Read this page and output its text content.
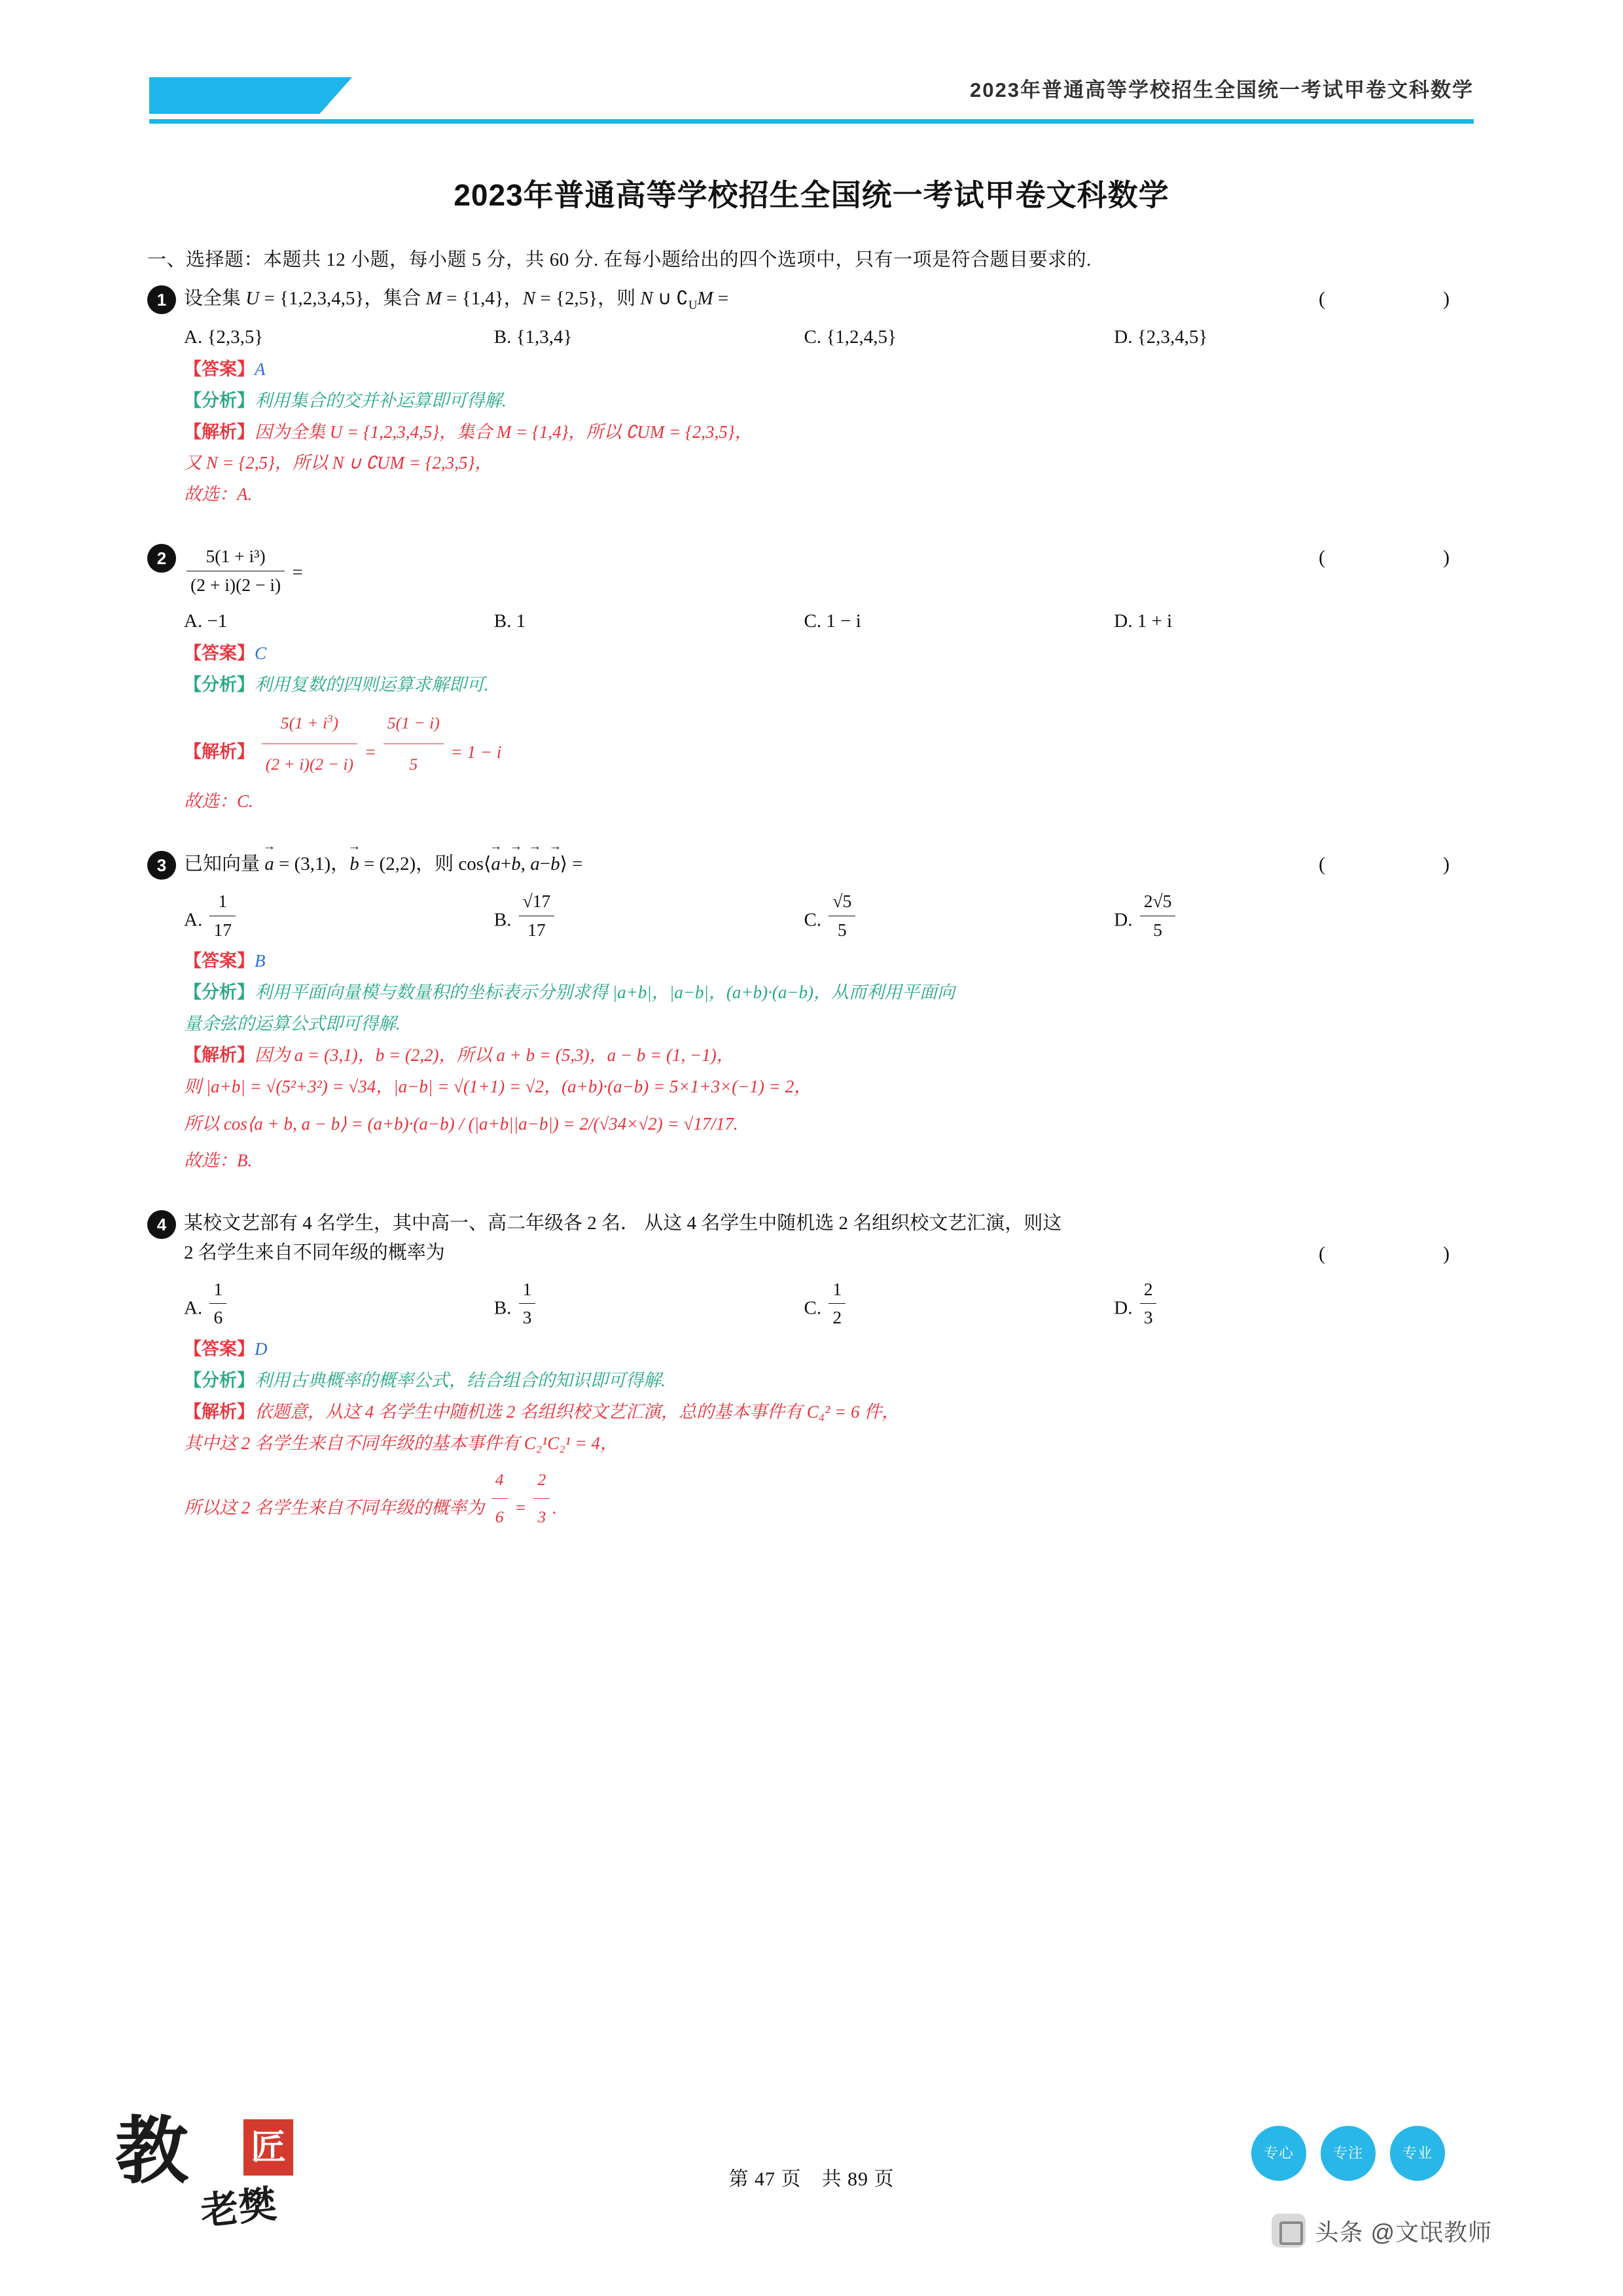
2023年普通高等学校招生全国统一考试甲卷文科数学
2023年普通高等学校招生全国统一考试甲卷文科数学
一、选择题：本题共 12 小题，每小题 5 分，共 60 分. 在每小题给出的四个选项中，只有一项是符合题目要求的.
1 设全集 U = {1,2,3,4,5}，集合 M = {1,4}，N = {2,5}，则 N ∪ $∁_UM$ =	(　　)
A. {2,3,5}	B. {1,3,4}	C. {1,2,4,5}	D. {2,3,4,5}
【答案】A
【分析】利用集合的交并补运算即可得解.
【解析】因为全集 U = {1,2,3,4,5}，集合 M = {1,4}，所以 ∁UM = {2,3,5}，
又 N = {2,5}，所以 N ∪ ∁UM = {2,3,5}，
故选：A.
2	$\frac{\text{5(1 + i³)}}{(2 + i)(2 - i)}$ =
(　　)
A. −1	B. 1	C. 1 − i	D. 1 + i
【答案】C
【分析】利用复数的四则运算求解即可.
【解析】 $\frac{5(1 + i^3)}{(2 + i)(2 - i)} = \frac{5(1 - i)}{5} = 1 - i$
故选：C.
3 已知向量 a → = (3,1)，b → = (2,2)，则 cos⟨a →+b →, a →−b →⟩ =	(　　)
A. $\frac{1}{17}$	B. $\frac{√17}{17}$	C. $\frac{√5}{5}$	D. $\frac{2√5}{5}$
【答案】B
【分析】利用平面向量模与数量积的坐标表示分别求得 |a+b|，|a−b|，(a+b)·(a−b)，从而利用平面向
量余弦的运算公式即可得解.
【解析】因为 a = (3,1)，b = (2,2)，所以 a + b = (5,3)，a − b = (1, −1)，
则 |a+b| = √(5²+3²) = √34，|a−b| = √(1+1) = √2，(a+b)·(a−b) = 5×1+3×(−1) = 2，
所以 cos⟨a + b, a − b⟩ = (a+b)·(a−b) / (|a+b||a−b|) = 2/(√34×√2) = √17/17.
故选：B.
4 某校文艺部有 4 名学生，其中高一、高二年级各 2 名． 从这 4 名学生中随机选 2 名组织校文艺汇演，则这
2 名学生来自不同年级的概率为	(　　)
A. $\frac{1}{6}$	B. $\frac{1}{3}$	C. $\frac{1}{2}$	D. $\frac{2}{3}$
【答案】D
【分析】利用古典概率的概率公式，结合组合的知识即可得解.
【解析】依题意，从这 4 名学生中随机选 2 名组织校文艺汇演，总的基本事件有 C₄² = 6 件，
其中这 2 名学生来自不同年级的基本事件有 C₂¹C₂¹ = 4，
所以这 2 名学生来自不同年级的概率为 $\frac{4}{6} = \frac{2}{3}$ .
教 匠
老樊
第 47 页　共 89 页
专心	专注	专业
头条 @文氓教师
